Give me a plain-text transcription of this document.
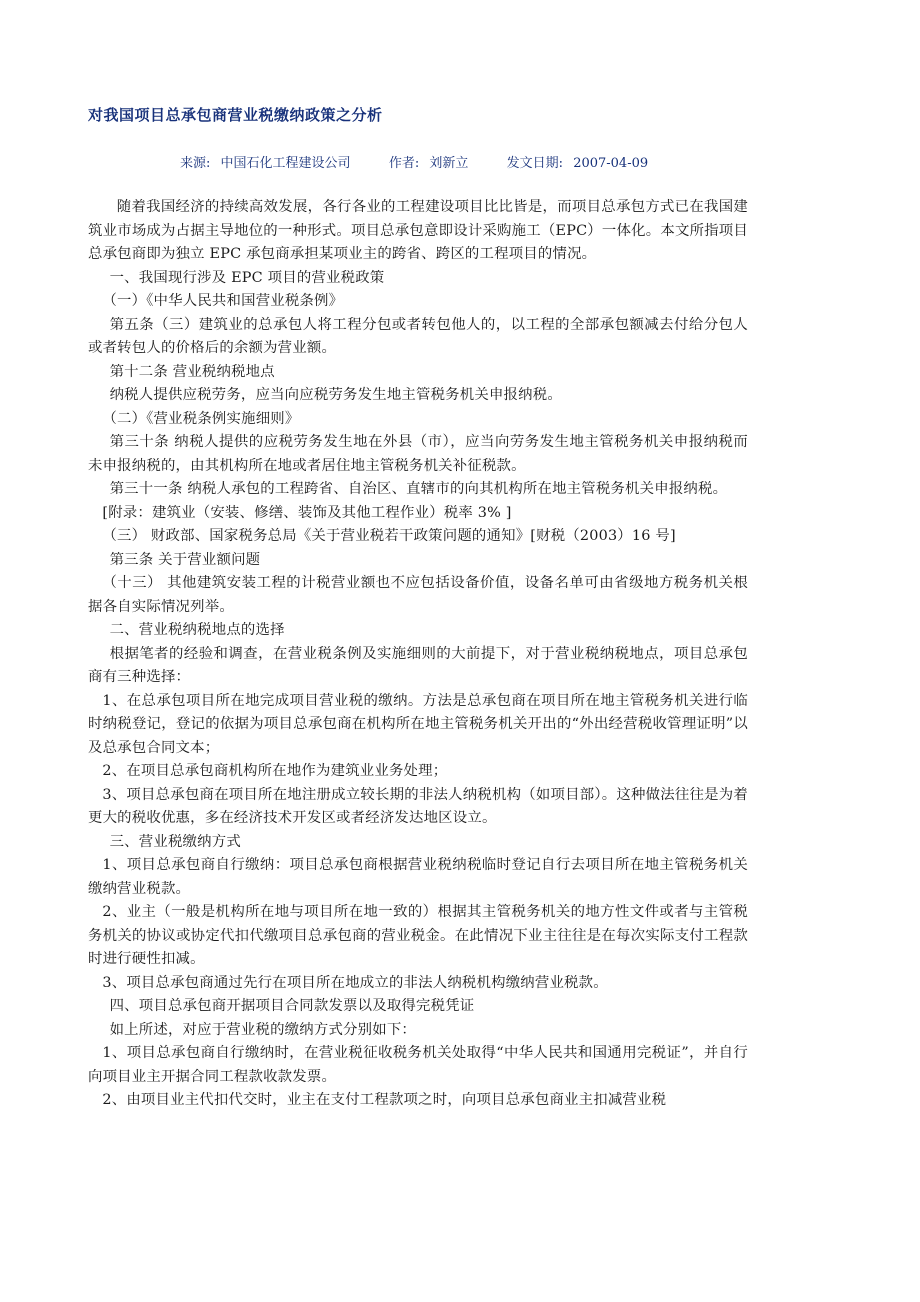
对我国项目总承包商营业税缴纳政策之分析
来源: 中国石化工程建设公司	作者: 刘新立	发文日期: 2007-04-09

随着我国经济的持续高效发展，各行各业的工程建设项目比比皆是，而项目总承包方式已在我国建筑业市场成为占据主导地位的一种形式。项目总承包意即设计采购施工（EPC）一体化。本文所指项目总承包商即为独立 EPC 承包商承担某项业主的跨省、跨区的工程项目的情况。

一、我国现行涉及 EPC 项目的营业税政策

（一）《中华人民共和国营业税条例》

第五条（三）建筑业的总承包人将工程分包或者转包他人的，以工程的全部承包额减去付给分包人或者转包人的价格后的余额为营业额。

第十二条 营业税纳税地点

纳税人提供应税劳务，应当向应税劳务发生地主管税务机关申报纳税。

（二）《营业税条例实施细则》

第三十条 纳税人提供的应税劳务发生地在外县（市），应当向劳务发生地主管税务机关申报纳税而未申报纳税的，由其机构所在地或者居住地主管税务机关补征税款。

第三十一条 纳税人承包的工程跨省、自治区、直辖市的向其机构所在地主管税务机关申报纳税。

[附录：建筑业（安装、修缮、装饰及其他工程作业）税率 3% ]

（三） 财政部、国家税务总局《关于营业税若干政策问题的通知》[财税（2003）16 号]

第三条 关于营业额问题

（十三） 其他建筑安装工程的计税营业额也不应包括设备价值，设备名单可由省级地方税务机关根据各自实际情况列举。

二、营业税纳税地点的选择

根据笔者的经验和调查，在营业税条例及实施细则的大前提下，对于营业税纳税地点，项目总承包商有三种选择：

1、在总承包项目所在地完成项目营业税的缴纳。方法是总承包商在项目所在地主管税务机关进行临时纳税登记，登记的依据为项目总承包商在机构所在地主管税务机关开出的“外出经营税收管理证明”以及总承包合同文本；

2、在项目总承包商机构所在地作为建筑业业务处理；

3、项目总承包商在项目所在地注册成立较长期的非法人纳税机构（如项目部）。这种做法往往是为着更大的税收优惠，多在经济技术开发区或者经济发达地区设立。

三、营业税缴纳方式

1、项目总承包商自行缴纳：项目总承包商根据营业税纳税临时登记自行去项目所在地主管税务机关缴纳营业税款。

2、业主（一般是机构所在地与项目所在地一致的）根据其主管税务机关的地方性文件或者与主管税务机关的协议或协定代扣代缴项目总承包商的营业税金。在此情况下业主往往是在每次实际支付工程款时进行硬性扣减。

3、项目总承包商通过先行在项目所在地成立的非法人纳税机构缴纳营业税款。

四、项目总承包商开据项目合同款发票以及取得完税凭证

如上所述，对应于营业税的缴纳方式分别如下：

1、项目总承包商自行缴纳时，在营业税征收税务机关处取得“中华人民共和国通用完税证”，并自行向项目业主开据合同工程款收款发票。

2、由项目业主代扣代交时，业主在支付工程款项之时，向项目总承包商业主扣减营业税
